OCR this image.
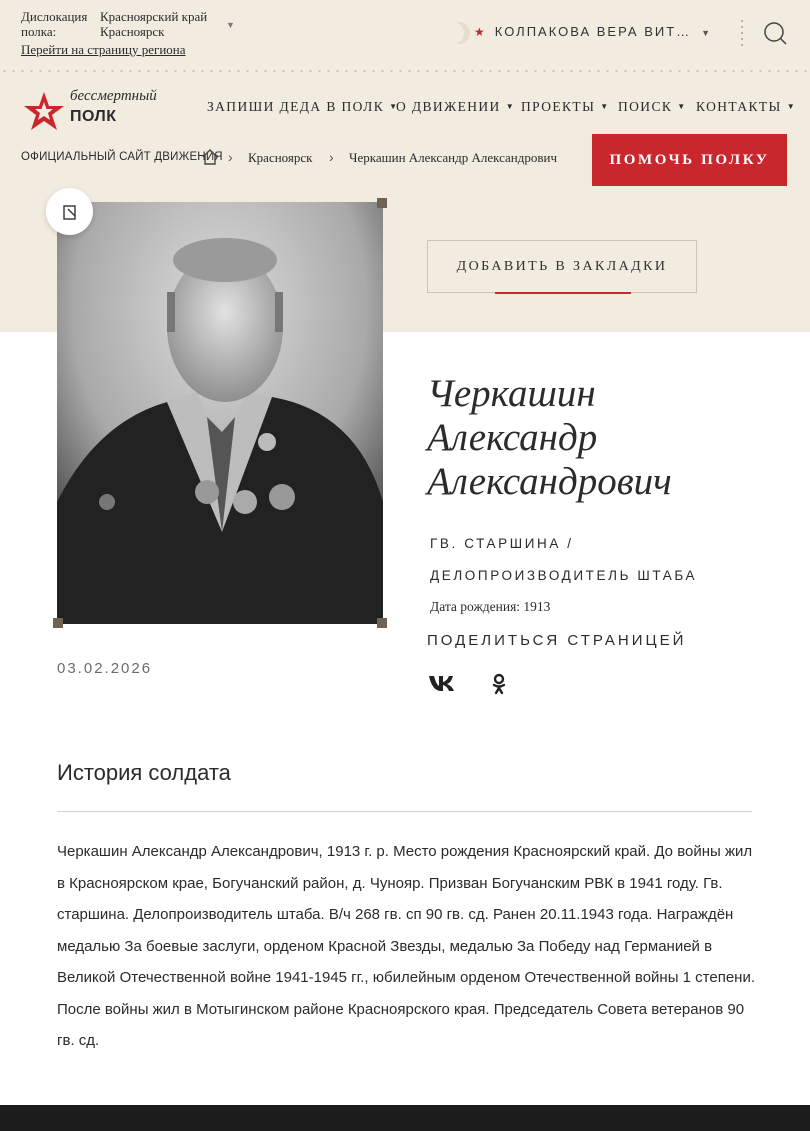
Дислокация полка:
Красноярский край
Красноярск	▼
Перейти на страницу региона
★ КОЛПАКОВА ВЕРА ВИТ… ▼
бессмертный
ПОЛК
ЗАПИШИ ДЕДА В ПОЛК ▼
О ДВИЖЕНИИ ▼ ПРОЕКТЫ ▼ ПОИСК ▼ КОНТАКТЫ ▼
ОФИЦИАЛЬНЫЙ САЙТ ДВИЖЕНИЯ › Красноярск › Черкашин Александр Александрович	ПОМОЧЬ ПОЛКУ
03.02.2026
ДОБАВИТЬ В ЗАКЛАДКИ
Черкашин
Александр
Александрович
ГВ. СТАРШИНА /
ДЕЛОПРОИЗВОДИТЕЛЬ ШТАБА
Дата рождения: 1913
ПОДЕЛИТЬСЯ СТРАНИЦЕЙ
История солдата
Черкашин Александр Александрович, 1913 г. р. Место рождения Красноярский край. До войны жил в Красноярском крае, Богучанский район, д. Чунояр. Призван Богучанским РВК в 1941 году. Гв. старшина. Делопроизводитель штаба. В/ч 268 гв. сп 90 гв. сд. Ранен 20.11.1943 года. Награждён медалью За боевые заслуги, орденом Красной Звезды, медалью За Победу над Германией в Великой Отечественной войне 1941-1945 гг., юбилейным орденом Отечественной войны 1 степени. После войны жил в Мотыгинском районе Красноярского края. Председатель Совета ветеранов 90 гв. сд.
